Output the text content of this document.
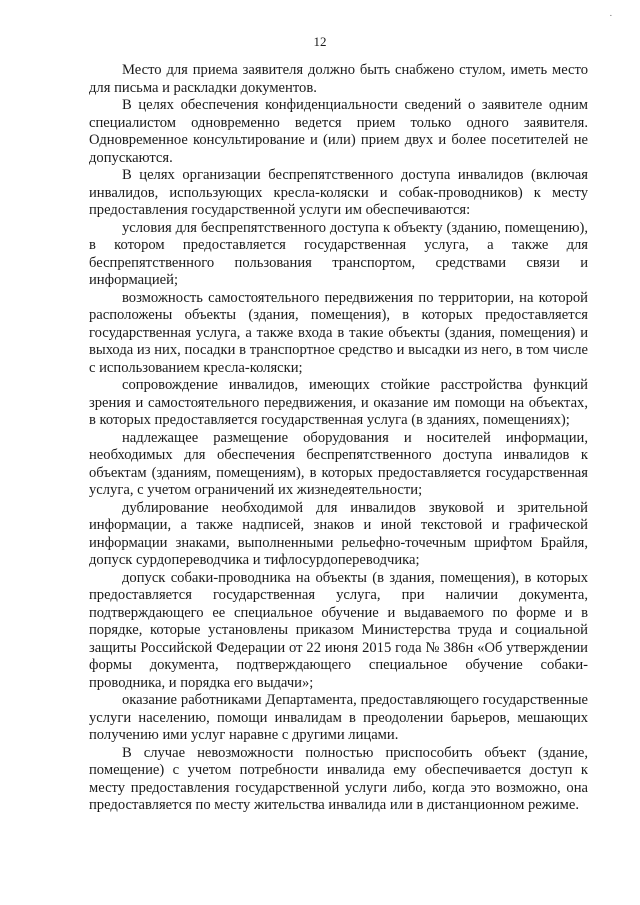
.
12

Место для приема заявителя должно быть снабжено стулом, иметь место для письма и раскладки документов.

В целях обеспечения конфиденциальности сведений о заявителе одним специалистом одновременно ведется прием только одного заявителя. Одновременное консультирование и (или) прием двух и более посетителей не допускаются.

В целях организации беспрепятственного доступа инвалидов (включая инвалидов, использующих кресла-коляски и собак-проводников) к месту предоставления государственной услуги им обеспечиваются:

условия для беспрепятственного доступа к объекту (зданию, помещению), в котором предоставляется государственная услуга, а также для беспрепятственного пользования транспортом, средствами связи и информацией;

возможность самостоятельного передвижения по территории, на которой расположены объекты (здания, помещения), в которых предоставляется государственная услуга, а также входа в такие объекты (здания, помещения) и выхода из них, посадки в транспортное средство и высадки из него, в том числе с использованием кресла-коляски;

сопровождение инвалидов, имеющих стойкие расстройства функций зрения и самостоятельного передвижения, и оказание им помощи на объектах, в которых предоставляется государственная услуга (в зданиях, помещениях);

надлежащее размещение оборудования и носителей информации, необходимых для обеспечения беспрепятственного доступа инвалидов к объектам (зданиям, помещениям), в которых предоставляется государственная услуга, с учетом ограничений их жизнедеятельности;

дублирование необходимой для инвалидов звуковой и зрительной информации, а также надписей, знаков и иной текстовой и графической информации знаками, выполненными рельефно-точечным шрифтом Брайля, допуск сурдопереводчика и тифлосурдопереводчика;

допуск собаки-проводника на объекты (в здания, помещения), в которых предоставляется государственная услуга, при наличии документа, подтверждающего ее специальное обучение и выдаваемого по форме и в порядке, которые установлены приказом Министерства труда и социальной защиты Российской Федерации от 22 июня 2015 года № 386н «Об утверждении формы документа, подтверждающего специальное обучение собаки-проводника, и порядка его выдачи»;

оказание работниками Департамента, предоставляющего государственные услуги населению, помощи инвалидам в преодолении барьеров, мешающих получению ими услуг наравне с другими лицами.

В случае невозможности полностью приспособить объект (здание, помещение) с учетом потребности инвалида ему обеспечивается доступ к месту предоставления государственной услуги либо, когда это возможно, она предоставляется по месту жительства инвалида или в дистанционном режиме.
